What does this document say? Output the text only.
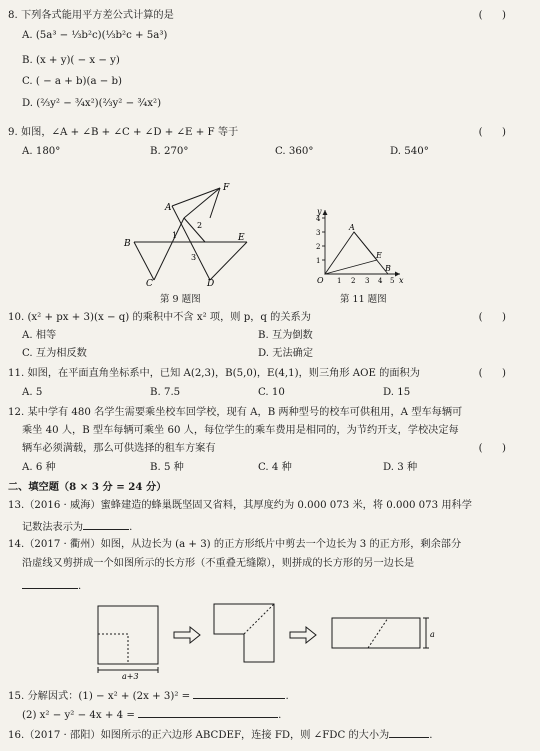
8. 下列各式能用平方差公式计算的是	(      )
A. (5a³ − ⅓b²c)(⅓b²c + 5a³)
B. (x + y)( − x − y)
C. ( − a + b)(a − b)
D. (⅔y² − ¾x²)(⅔y² − ¾x²)
9. 如图，∠A + ∠B + ∠C + ∠D + ∠E + F 等于	(      )
A. 180°	B. 270°	C. 360°	D. 540°
F
A
B
E
C	D
1
2
3
第 9 题图
y
x
O
A
E
B
1
2
3
4
1 2 3 4 5
第 11 题图
10. (x² + px + 3)(x − q) 的乘积中不含 x² 项，则 p，q 的关系为	(      )
A. 相等	B. 互为倒数
C. 互为相反数	D. 无法确定
11. 如图，在平面直角坐标系中，已知 A(2,3)，B(5,0)，E(4,1)，则三角形 AOE 的面积为	(      )
A. 5	B. 7.5	C. 10	D. 15
12. 某中学有 480 名学生需要乘坐校车回学校，现有 A，B 两种型号的校车可供租用，A 型车每辆可
乘坐 40 人，B 型车每辆可乘坐 60 人，每位学生的乘车费用是相同的，为节约开支，学校决定每
辆车必须满载，那么可供选择的租车方案有	(      )
A. 6 种	B. 5 种	C. 4 种	D. 3 种
二、填空题（8 × 3 分 = 24 分）
13.（2016 · 威海）蜜蜂建造的蜂巢既坚固又省料，其厚度约为 0.000 073 米，将 0.000 073 用科学
记数法表示为	.
14.（2017 · 衢州）如图，从边长为 (a + 3) 的正方形纸片中剪去一个边长为 3 的正方形，剩余部分
沿虚线又剪拼成一个如图所示的长方形（不重叠无缝隙），则拼成的长方形的另一边长是
.
a+3
a
15. 分解因式：(1) − x² + (2x + 3)² =	.
(2) x² − y² − 4x + 4 =	.
16.（2017 · 邵阳）如图所示的正六边形 ABCDEF，连接 FD，则 ∠FDC 的大小为	.
